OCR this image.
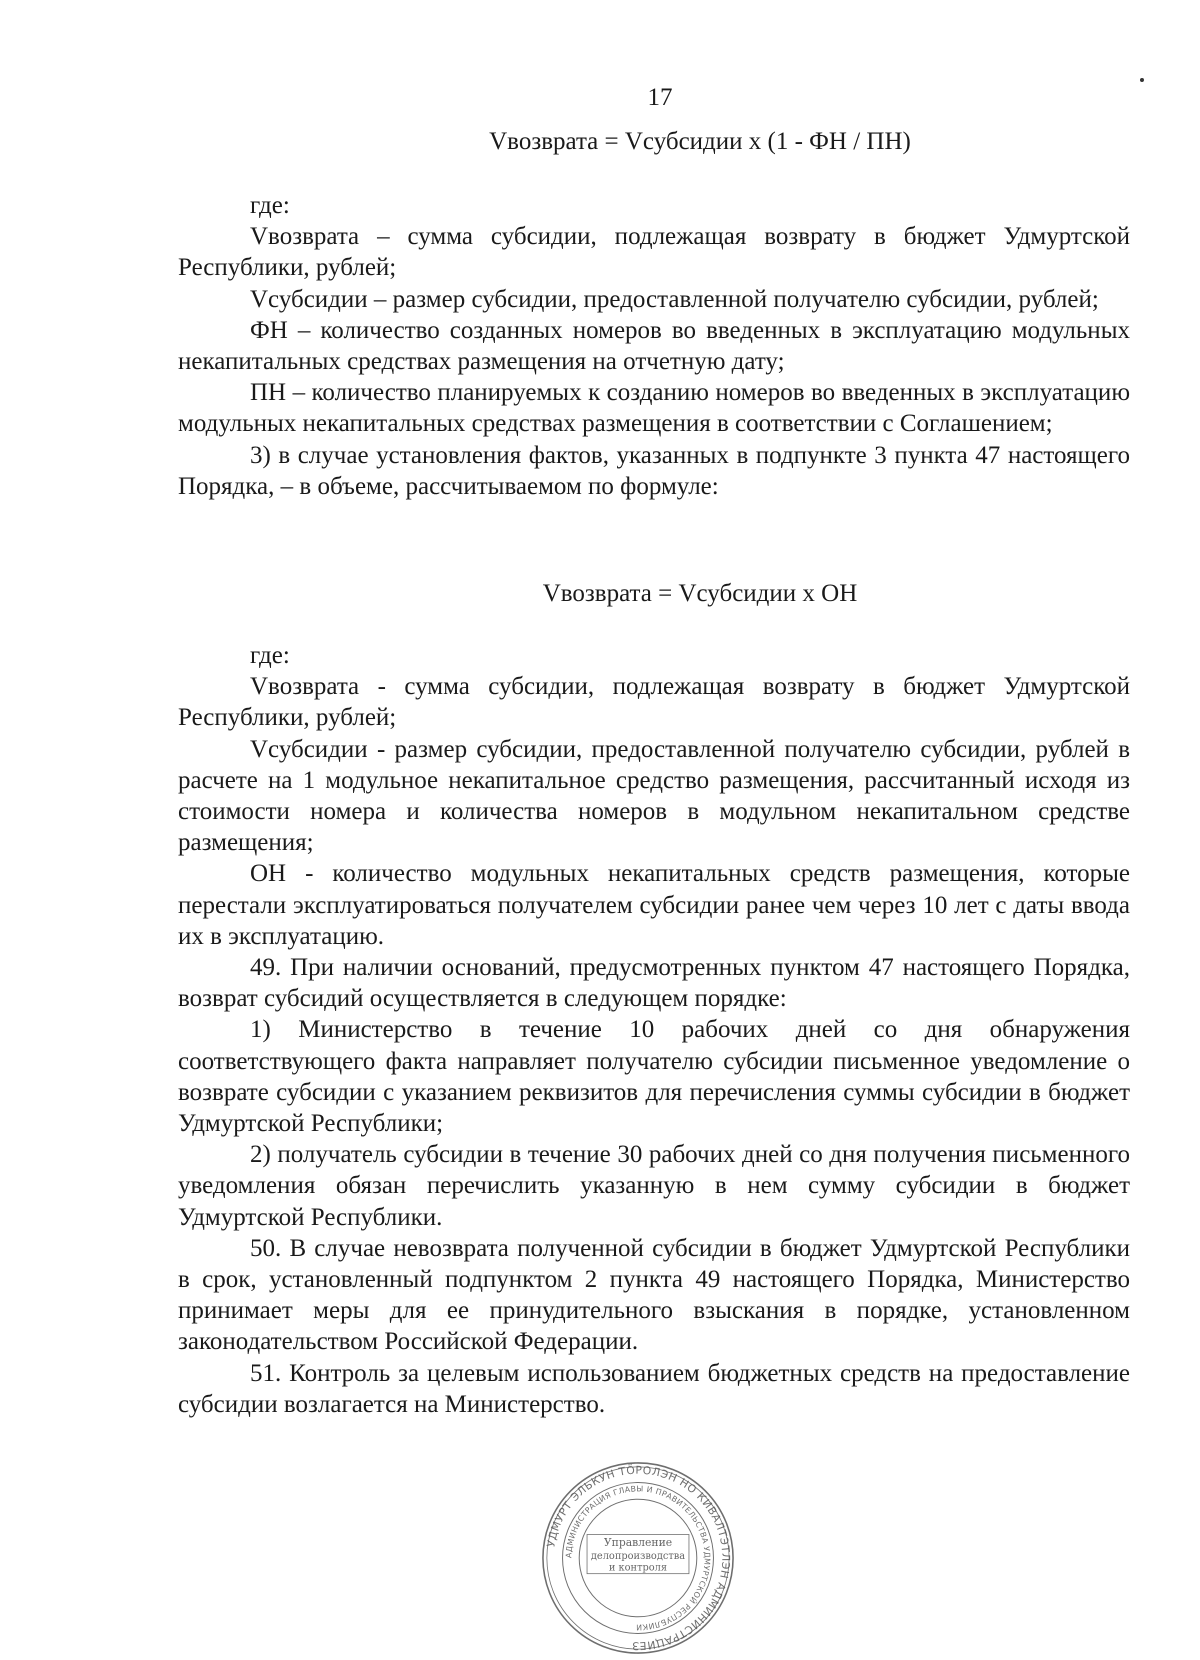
17
Vвозврата = Vсубсидии x (1 - ФН / ПН)

где:

Vвозврата – сумма субсидии, подлежащая возврату в бюджет Удмуртской Республики, рублей;

Vсубсидии – размер субсидии, предоставленной получателю субсидии, рублей;

ФН – количество созданных номеров во введенных в эксплуатацию модульных некапитальных средствах размещения на отчетную дату;

ПН – количество планируемых к созданию номеров во введенных в эксплуатацию модульных некапитальных средствах размещения в соответствии с Соглашением;

3) в случае установления фактов, указанных в подпункте 3 пункта 47 настоящего Порядка, – в объеме, рассчитываемом по формуле:

Vвозврата = Vсубсидии x ОН

где:

Vвозврата - сумма субсидии, подлежащая возврату в бюджет Удмуртской Республики, рублей;

Vсубсидии - размер субсидии, предоставленной получателю субсидии, рублей в расчете на 1 модульное некапитальное средство размещения, рассчитанный исходя из стоимости номера и количества номеров в модульном некапитальном средстве размещения;

ОН - количество модульных некапитальных средств размещения, которые перестали эксплуатироваться получателем субсидии ранее чем через 10 лет с даты ввода их в эксплуатацию.

49. При наличии оснований, предусмотренных пунктом 47 настоящего Порядка, возврат субсидий осуществляется в следующем порядке:

1) Министерство в течение 10 рабочих дней со дня обнаружения соответствующего факта направляет получателю субсидии письменное уведомление о возврате субсидии с указанием реквизитов для перечисления суммы субсидии в бюджет Удмуртской Республики;

2) получатель субсидии в течение 30 рабочих дней со дня получения письменного уведомления обязан перечислить указанную в нем сумму субсидии в бюджет Удмуртской Республики.

50. В случае невозврата полученной субсидии в бюджет Удмуртской Республики в срок, установленный подпунктом 2 пункта 49 настоящего Порядка, Министерство принимает меры для ее принудительного взыскания в порядке, установленном законодательством Российской Федерации.

51. Контроль за целевым использованием бюджетных средств на предоставление субсидии возлагается на Министерство.

УДМУРТ ЭЛЬКУН ТӦРОЛЭН НО КИВАЛТЭТЛЭН АДМИНИСТРАЦИЕЗ
АДМИНИСТРАЦИЯ ГЛАВЫ И ПРАВИТЕЛЬСТВА УДМУРТСКОЙ РЕСПУБЛИКИ
Управление
делопроизводства
и контроля
